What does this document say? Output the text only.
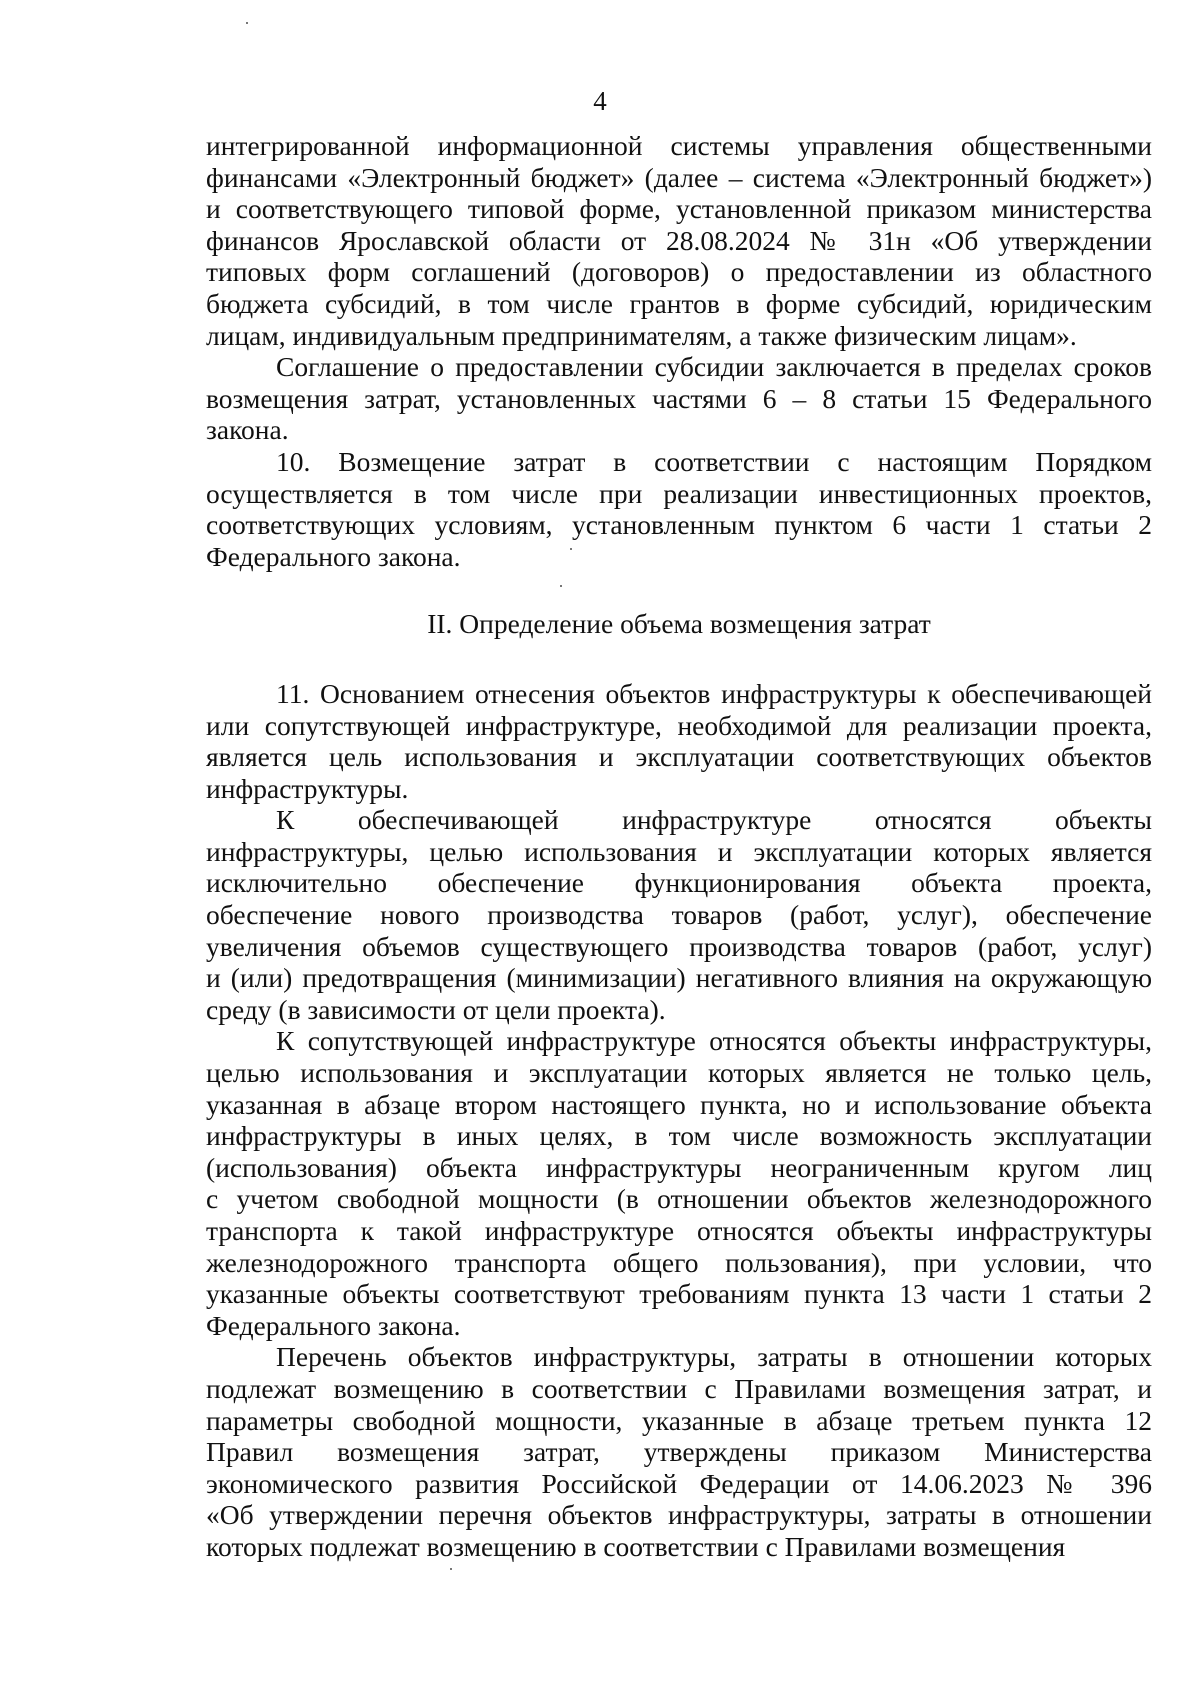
4
интегрированной информационной системы управления общественными
финансами «Электронный бюджет» (далее – система «Электронный бюджет»)
и соответствующего типовой форме, установленной приказом министерства
финансов Ярославской области от 28.08.2024 № 31н «Об утверждении
типовых форм соглашений (договоров) о предоставлении из областного
бюджета субсидий, в том числе грантов в форме субсидий, юридическим
лицам, индивидуальным предпринимателям, а также физическим лицам».
Соглашение о предоставлении субсидии заключается в пределах сроков
возмещения затрат, установленных частями 6 – 8 статьи 15 Федерального
закона.
10. Возмещение затрат в соответствии с настоящим Порядком
осуществляется в том числе при реализации инвестиционных проектов,
соответствующих условиям, установленным пунктом 6 части 1 статьи 2
Федерального закона.
II. Определение объема возмещения затрат
11. Основанием отнесения объектов инфраструктуры к обеспечивающей
или сопутствующей инфраструктуре, необходимой для реализации проекта,
является цель использования и эксплуатации соответствующих объектов
инфраструктуры.
К обеспечивающей инфраструктуре относятся объекты
инфраструктуры, целью использования и эксплуатации которых является
исключительно обеспечение функционирования объекта проекта,
обеспечение нового производства товаров (работ, услуг), обеспечение
увеличения объемов существующего производства товаров (работ, услуг)
и (или) предотвращения (минимизации) негативного влияния на окружающую
среду (в зависимости от цели проекта).
К сопутствующей инфраструктуре относятся объекты инфраструктуры,
целью использования и эксплуатации которых является не только цель,
указанная в абзаце втором настоящего пункта, но и использование объекта
инфраструктуры в иных целях, в том числе возможность эксплуатации
(использования) объекта инфраструктуры неограниченным кругом лиц
с учетом свободной мощности (в отношении объектов железнодорожного
транспорта к такой инфраструктуре относятся объекты инфраструктуры
железнодорожного транспорта общего пользования), при условии, что
указанные объекты соответствуют требованиям пункта 13 части 1 статьи 2
Федерального закона.
Перечень объектов инфраструктуры, затраты в отношении которых
подлежат возмещению в соответствии с Правилами возмещения затрат, и
параметры свободной мощности, указанные в абзаце третьем пункта 12
Правил возмещения затрат, утверждены приказом Министерства
экономического развития Российской Федерации от 14.06.2023 № 396
«Об утверждении перечня объектов инфраструктуры, затраты в отношении
которых подлежат возмещению в соответствии с Правилами возмещения
